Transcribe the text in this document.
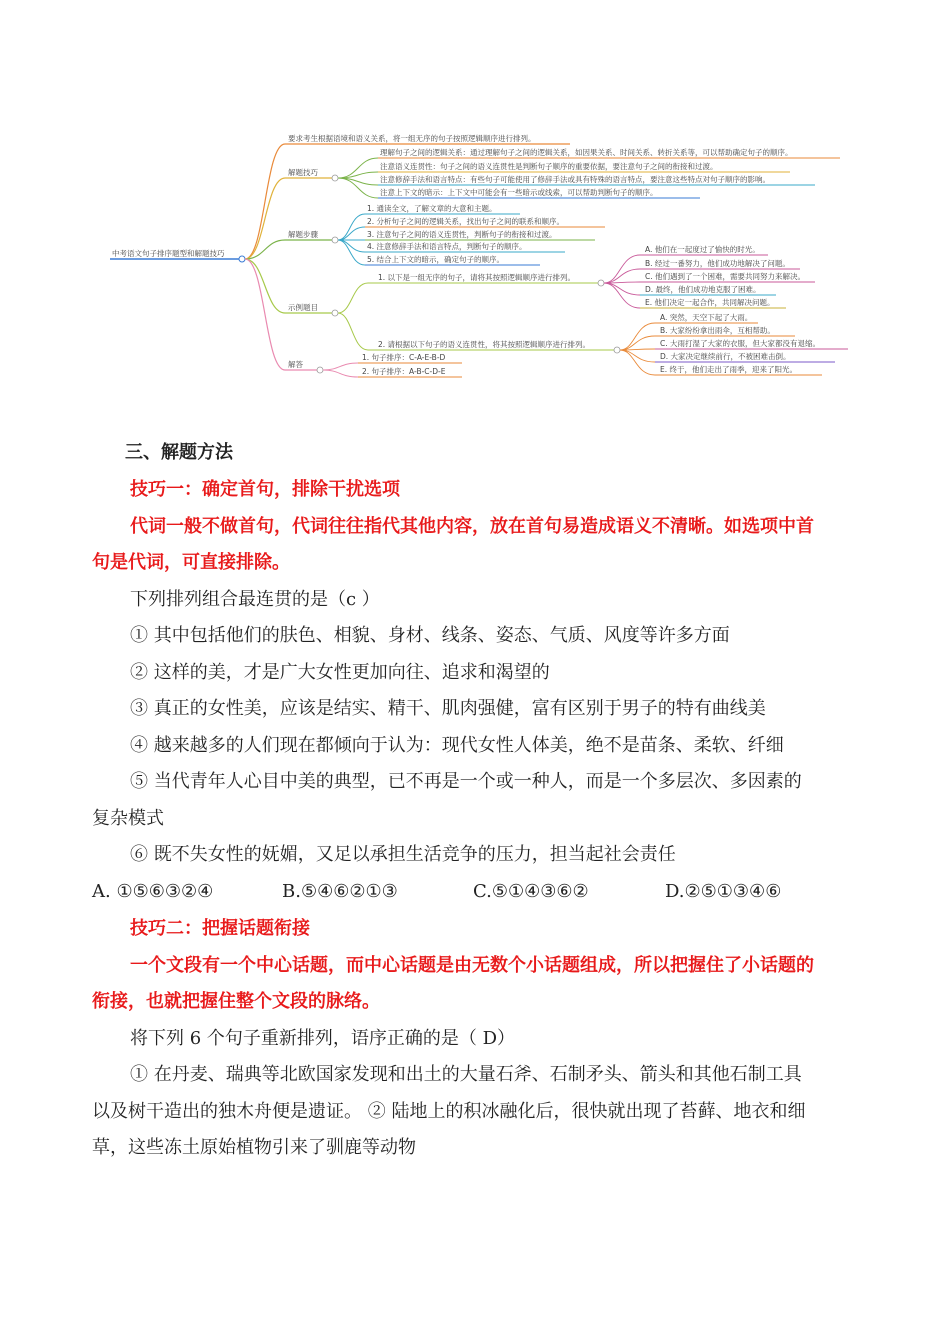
中考语文句子排序题型和解题技巧
要求考生根据语境和语义关系，将一组无序的句子按照逻辑顺序进行排列。
解题技巧
理解句子之间的逻辑关系：通过理解句子之间的逻辑关系，如因果关系、时间关系、转折关系等，可以帮助确定句子的顺序。
注意语义连贯性：句子之间的语义连贯性是判断句子顺序的重要依据，要注意句子之间的衔接和过渡。
注意修辞手法和语言特点：有些句子可能使用了修辞手法或具有特殊的语言特点，要注意这些特点对句子顺序的影响。
注意上下文的暗示：上下文中可能会有一些暗示或线索，可以帮助判断句子的顺序。
解题步骤
1. 通读全文，了解文章的大意和主题。
2. 分析句子之间的逻辑关系，找出句子之间的联系和顺序。
3. 注意句子之间的语义连贯性，判断句子的衔接和过渡。
4. 注意修辞手法和语言特点，判断句子的顺序。
5. 结合上下文的暗示，确定句子的顺序。
示例题目
1. 以下是一组无序的句子，请将其按照逻辑顺序进行排列。
2. 请根据以下句子的语义连贯性，将其按照逻辑顺序进行排列。
A. 他们在一起度过了愉快的时光。
B. 经过一番努力，他们成功地解决了问题。
C. 他们遇到了一个困难，需要共同努力来解决。
D. 最终，他们成功地克服了困难。
E. 他们决定一起合作，共同解决问题。
A. 突然，天空下起了大雨。
B. 大家纷纷拿出雨伞，互相帮助。
C. 大雨打湿了大家的衣服，但大家都没有退缩。
D. 大家决定继续前行，不被困难击倒。
E. 终于，他们走出了雨季，迎来了阳光。
解答
1. 句子排序：C-A-E-B-D
2. 句子排序：A-B-C-D-E
三、解题方法
技巧一：确定首句，排除干扰选项
代词一般不做首句，代词往往指代其他内容，放在首句易造成语义不清晰。如选项中首
句是代词，可直接排除。
下列排列组合最连贯的是（c ）
① 其中包括他们的肤色、相貌、身材、线条、姿态、气质、风度等许多方面
② 这样的美，才是广大女性更加向往、追求和渴望的
③ 真正的女性美，应该是结实、精干、肌肉强健，富有区别于男子的特有曲线美
④ 越来越多的人们现在都倾向于认为：现代女性人体美，绝不是苗条、柔软、纤细
⑤ 当代青年人心目中美的典型，已不再是一个或一种人，而是一个多层次、多因素的
复杂模式
⑥ 既不失女性的妩媚，又足以承担生活竞争的压力，担当起社会责任
A. ①⑤⑥③②④	B.⑤④⑥②①③	C.⑤①④③⑥②	D.②⑤①③④⑥
技巧二：把握话题衔接
一个文段有一个中心话题，而中心话题是由无数个小话题组成，所以把握住了小话题的
衔接，也就把握住整个文段的脉络。
将下列 6 个句子重新排列，语序正确的是（ D）
① 在丹麦、瑞典等北欧国家发现和出土的大量石斧、石制矛头、箭头和其他石制工具
以及树干造出的独木舟便是遗证。 ② 陆地上的积冰融化后，很快就出现了苔藓、地衣和细
草，这些冻土原始植物引来了驯鹿等动物
